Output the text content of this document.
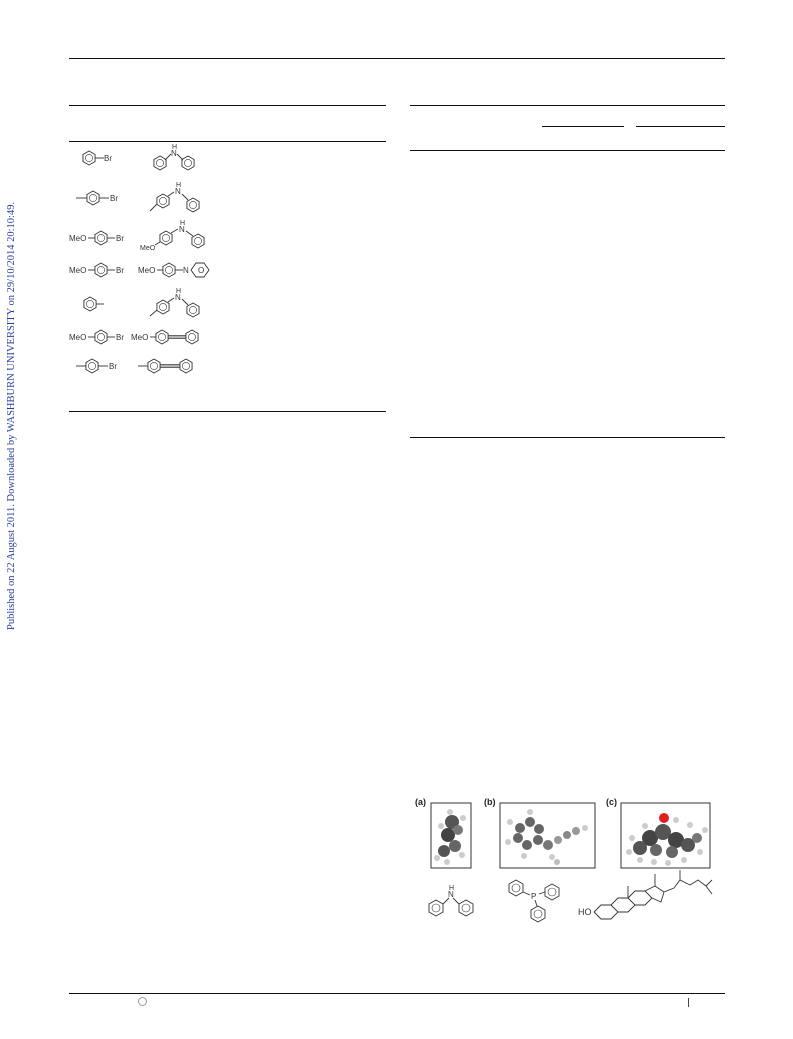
Published on 22 August 2011. Downloaded by WASHBURN UNIVERSITY on 29/10/2014 20:10:49.
Br
N
H
Br
N
H
MeO	Br
MeO
N
H
MeO	Br MeO	N O
N
H
MeO	Br MeO
Br
(a)	(b)	(c)
N
H
P
HO
